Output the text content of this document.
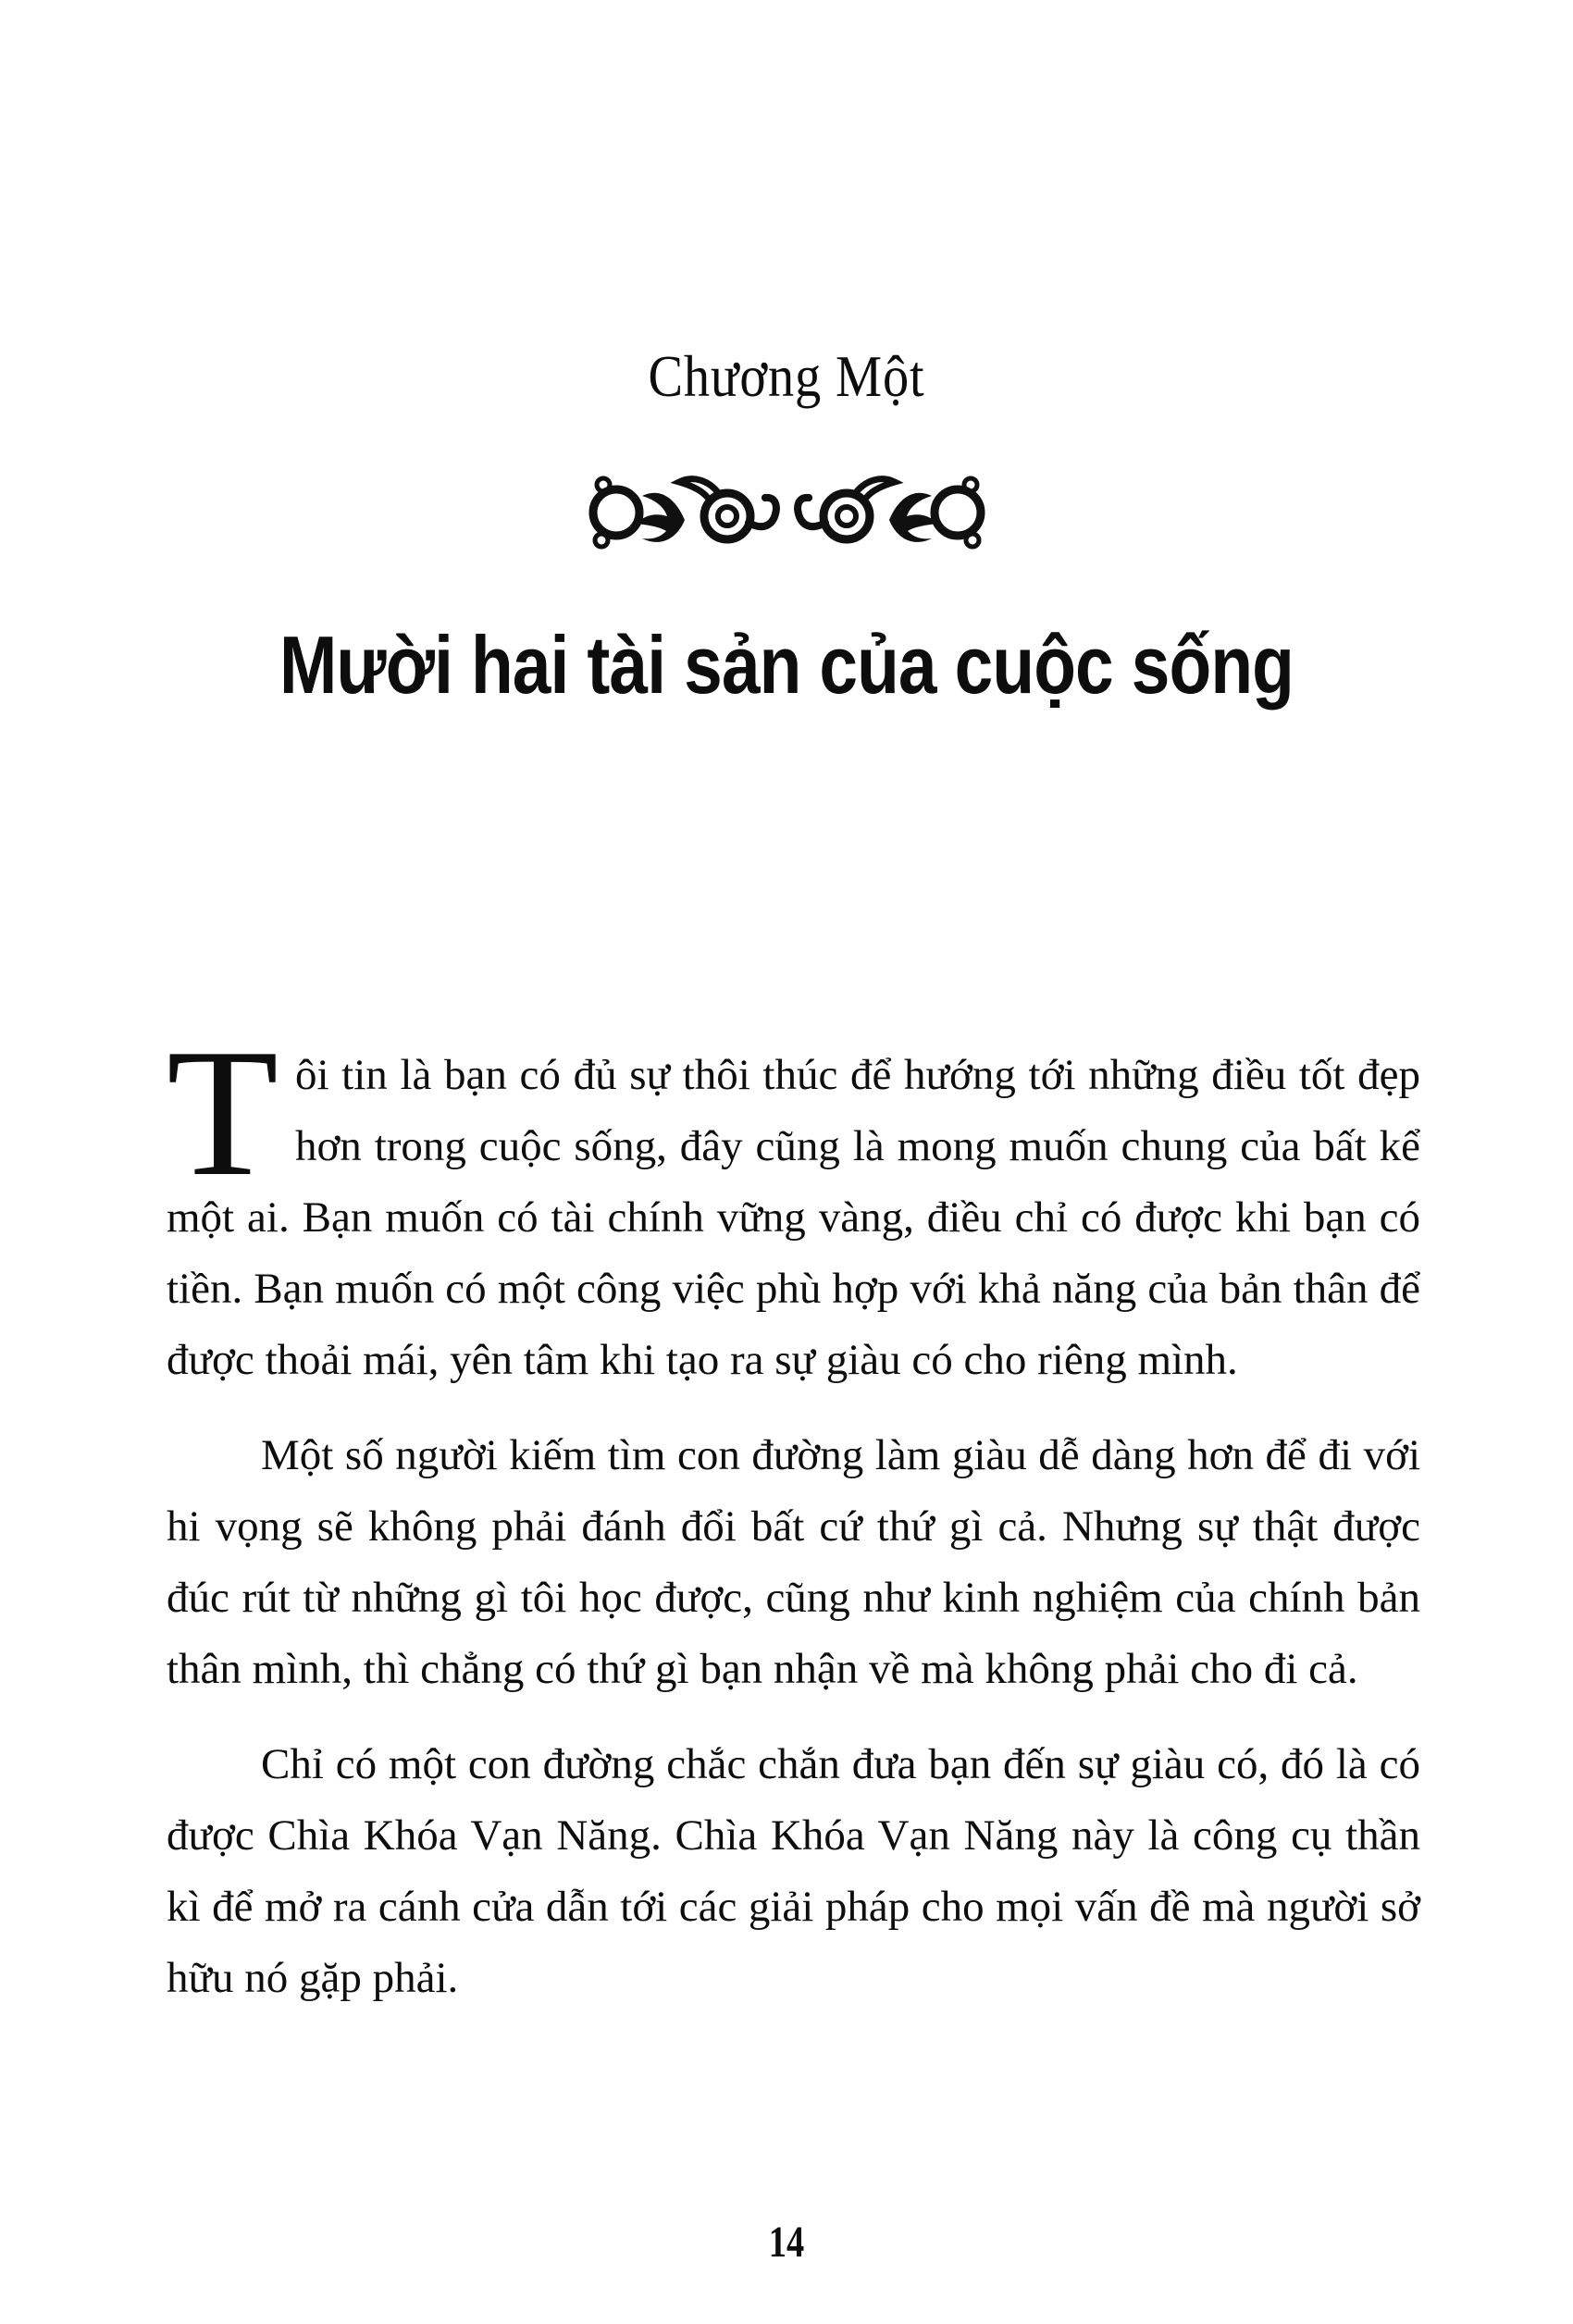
Chương Một
Mười hai tài sản của cuộc sống
Tôi tin là bạn có đủ sự thôi thúc để hướng tới những điều tốt đẹp hơn trong cuộc sống, đây cũng là mong muốn chung của bất kể một ai. Bạn muốn có tài chính vững vàng, điều chỉ có được khi bạn có tiền. Bạn muốn có một công việc phù hợp với khả năng của bản thân để được thoải mái, yên tâm khi tạo ra sự giàu có cho riêng mình.
Một số người kiếm tìm con đường làm giàu dễ dàng hơn để đi với hi vọng sẽ không phải đánh đổi bất cứ thứ gì cả. Nhưng sự thật được đúc rút từ những gì tôi học được, cũng như kinh nghiệm của chính bản thân mình, thì chẳng có thứ gì bạn nhận về mà không phải cho đi cả.
Chỉ có một con đường chắc chắn đưa bạn đến sự giàu có, đó là có được Chìa Khóa Vạn Năng. Chìa Khóa Vạn Năng này là công cụ thần kì để mở ra cánh cửa dẫn tới các giải pháp cho mọi vấn đề mà người sở hữu nó gặp phải.
14
